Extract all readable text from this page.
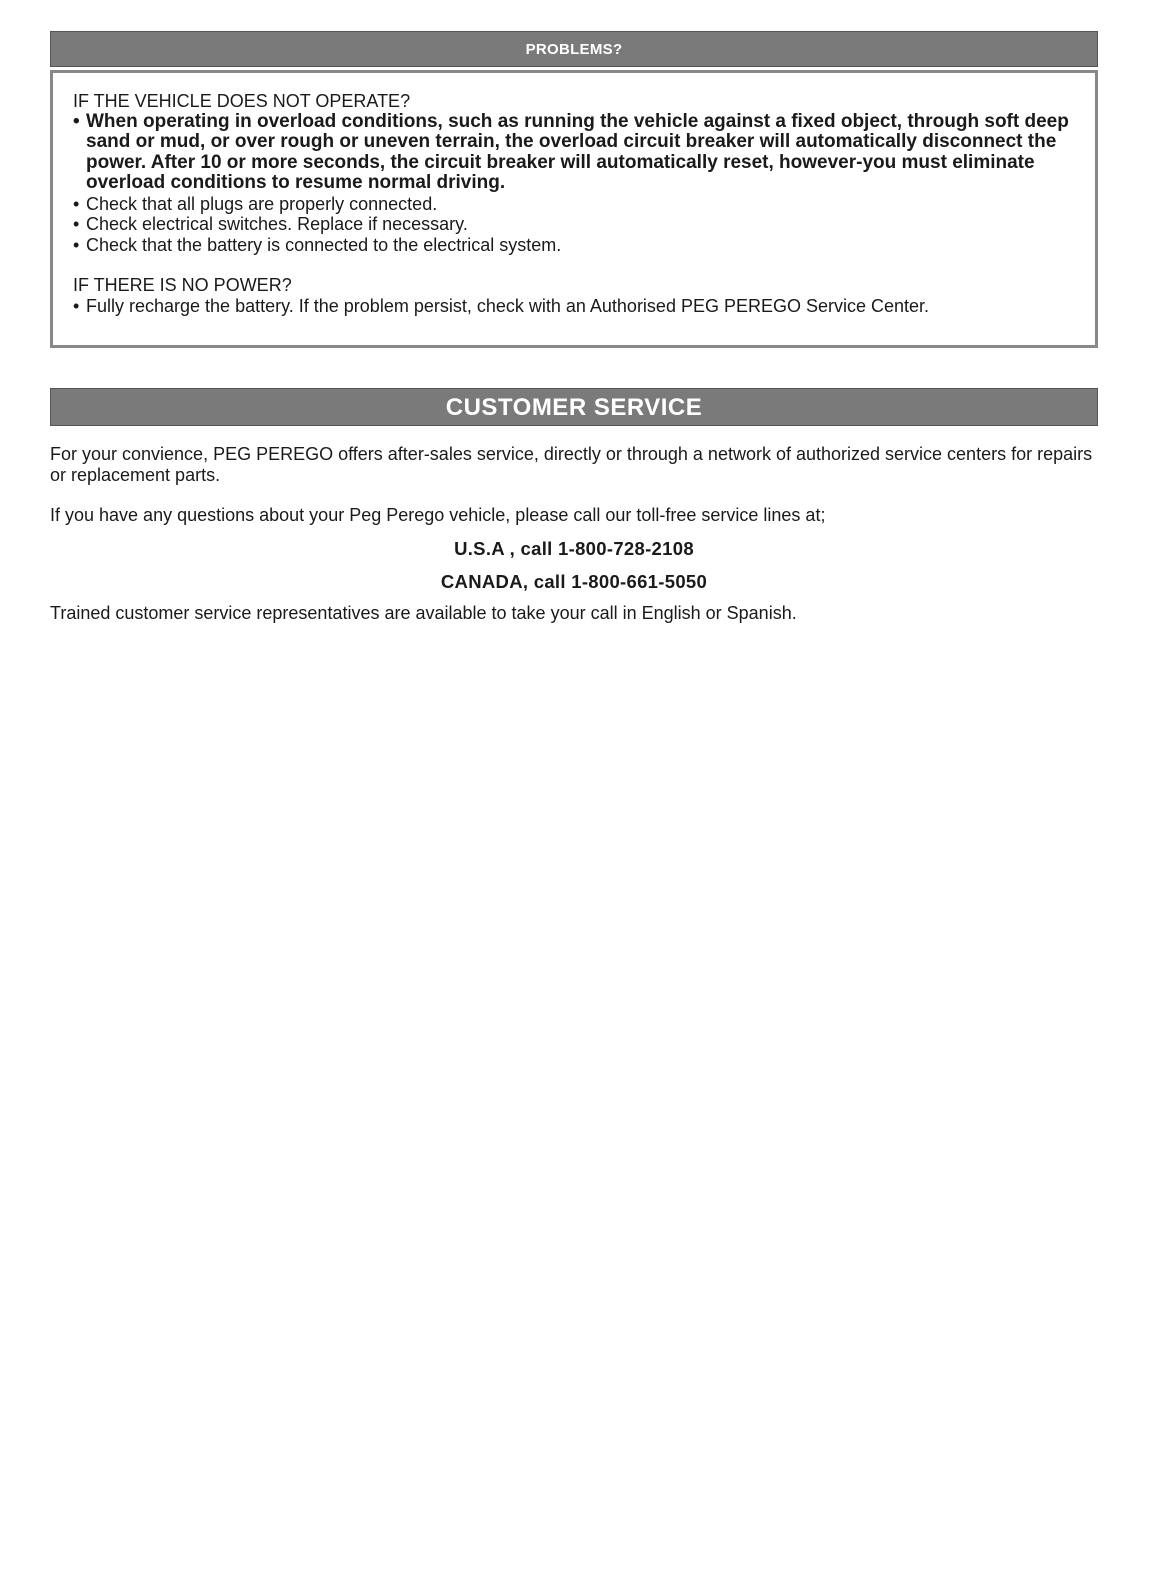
PROBLEMS?

IF THE VEHICLE DOES NOT OPERATE?

• When operating in overload conditions, such as running the vehicle against a fixed object, through soft deep sand or mud, or over rough or uneven terrain, the overload circuit breaker will automatically disconnect the power. After 10 or more seconds, the circuit breaker will automatically reset, however-you must eliminate overload conditions to resume normal driving.
• Check that all plugs are properly connected.
• Check electrical switches. Replace if necessary.
• Check that the battery is connected to the electrical system.

IF THERE IS NO POWER?

• Fully recharge the battery. If the problem persist, check with an Authorised PEG PEREGO Service Center.
CUSTOMER SERVICE

For your convience, PEG PEREGO offers after-sales service, directly or through a network of authorized service centers for repairs or replacement parts.

If you have any questions about your Peg Perego vehicle, please call our toll-free service lines at;

U.S.A , call 1-800-728-2108

CANADA, call 1-800-661-5050

Trained customer service representatives are available to take your call in English or Spanish.
